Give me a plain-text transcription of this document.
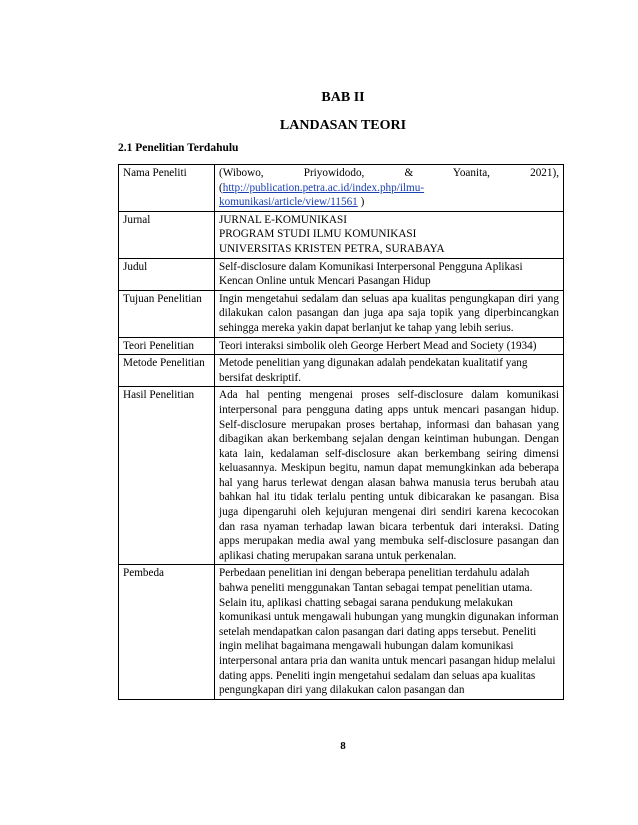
BAB II
LANDASAN TEORI
2.1 Penelitian Terdahulu
Nama Peneliti	(Wibowo, Priyowidodo, & Yoanita, 2021), (http://publication.petra.ac.id/index.php/ilmu-komunikasi/article/view/11561 )
Jurnal	JURNAL E-KOMUNIKASI
PROGRAM STUDI ILMU KOMUNIKASI
UNIVERSITAS KRISTEN PETRA, SURABAYA

Judul	Self-disclosure dalam Komunikasi Interpersonal Pengguna Aplikasi Kencan Online untuk Mencari Pasangan Hidup
Tujuan Penelitian	Ingin mengetahui sedalam dan seluas apa kualitas pengungkapan diri yang dilakukan calon pasangan dan juga apa saja topik yang diperbincangkan sehingga mereka yakin dapat berlanjut ke tahap yang lebih serius.
Teori Penelitian	Teori interaksi simbolik oleh George Herbert Mead and Society (1934)
Metode Penelitian	Metode penelitian yang digunakan adalah pendekatan kualitatif yang bersifat deskriptif.
Hasil Penelitian	Ada hal penting mengenai proses self-disclosure dalam komunikasi interpersonal para pengguna dating apps untuk mencari pasangan hidup. Self-disclosure merupakan proses bertahap, informasi dan bahasan yang dibagikan akan berkembang sejalan dengan keintiman hubungan. Dengan kata lain, kedalaman self-disclosure akan berkembang seiring dimensi keluasannya. Meskipun begitu, namun dapat memungkinkan ada beberapa hal yang harus terlewat dengan alasan bahwa manusia terus berubah atau bahkan hal itu tidak terlalu penting untuk dibicarakan ke pasangan. Bisa juga dipengaruhi oleh kejujuran mengenai diri sendiri karena kecocokan dan rasa nyaman terhadap lawan bicara terbentuk dari interaksi. Dating apps merupakan media awal yang membuka self-disclosure pasangan dan aplikasi chating merupakan sarana untuk perkenalan.
Pembeda	Perbedaan penelitian ini dengan beberapa penelitian terdahulu adalah bahwa peneliti menggunakan Tantan sebagai tempat penelitian utama. Selain itu, aplikasi chatting sebagai sarana pendukung melakukan komunikasi untuk mengawali hubungan yang mungkin digunakan informan setelah mendapatkan calon pasangan dari dating apps tersebut. Peneliti ingin melihat bagaimana mengawali hubungan dalam komunikasi interpersonal antara pria dan wanita untuk mencari pasangan hidup melalui dating apps. Peneliti ingin mengetahui sedalam dan seluas apa kualitas pengungkapan diri yang dilakukan calon pasangan dan
8
